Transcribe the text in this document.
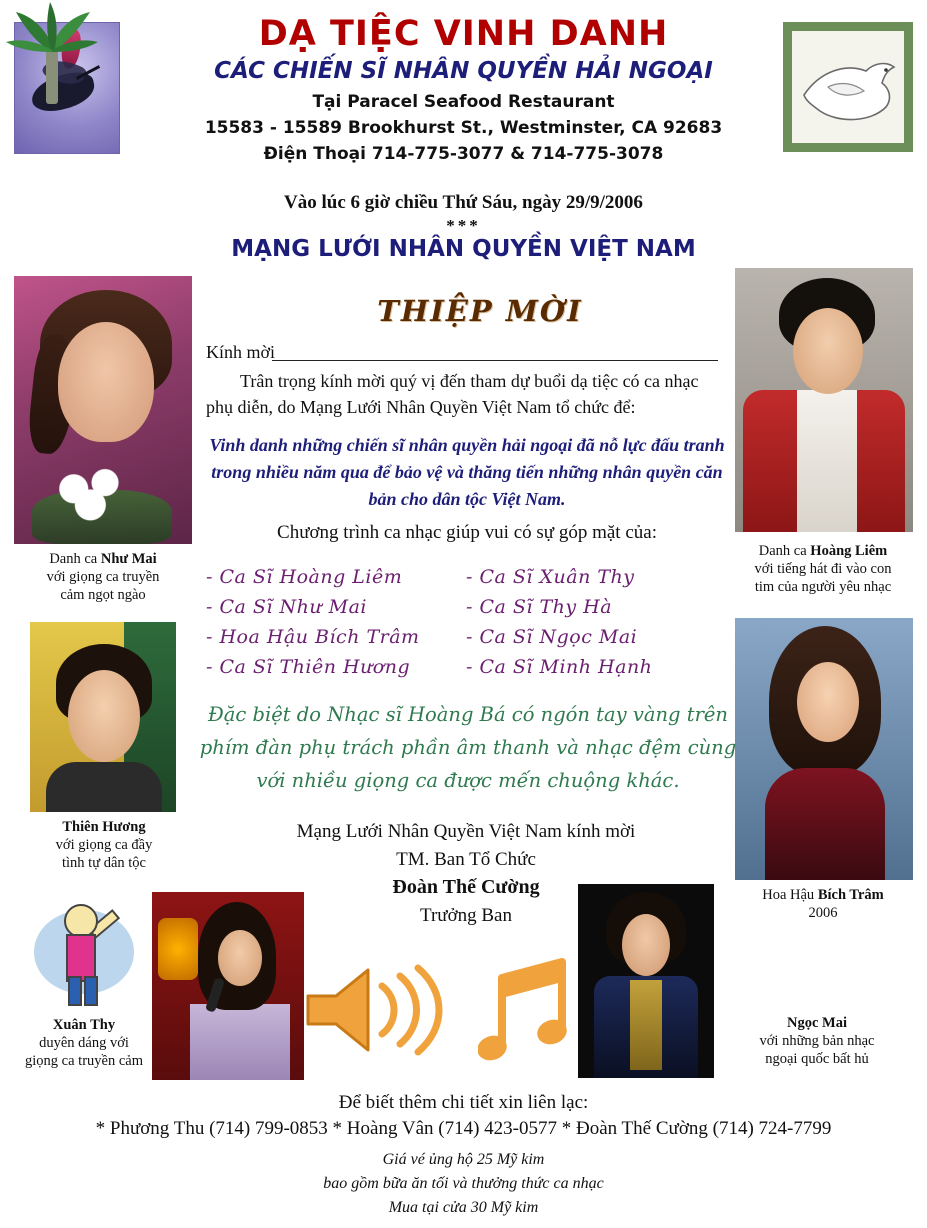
DẠ TIỆC VINH DANH
CÁC CHIẾN SĨ NHÂN QUYỀN HẢI NGOẠI
Tại Paracel Seafood Restaurant
15583 - 15589 Brookhurst St., Westminster, CA 92683
Điện Thoại 714-775-3077 & 714-775-3078
Vào lúc 6 giờ chiều Thứ Sáu, ngày 29/9/2006
***
MẠNG LƯỚI NHÂN QUYỀN VIỆT NAM
THIỆP MỜI
Danh ca Như Mai
với giọng ca truyền
cảm ngọt ngào
Danh ca Hoàng Liêm
với tiếng hát đi vào con
tim của người yêu nhạc
Thiên Hương
với giọng ca đầy
tình tự dân tộc
Hoa Hậu Bích Trâm
2006
Xuân Thy
duyên dáng với
giọng ca truyền cảm
Ngọc Mai
với những bản nhạc
ngoại quốc bất hủ
Kính mời
Trân trọng kính mời quý vị đến tham dự buổi dạ tiệc có ca nhạc phụ diễn, do Mạng Lưới Nhân Quyền Việt Nam tổ chức để:
Vinh danh những chiến sĩ nhân quyền hải ngoại đã nỗ lực đấu tranh trong nhiều năm qua để bảo vệ và thăng tiến những nhân quyền căn bản cho dân tộc Việt Nam.
Chương trình ca nhạc giúp vui có sự góp mặt của:
- Ca Sĩ Hoàng Liêm	- Ca Sĩ Xuân Thy
- Ca Sĩ Như Mai	- Ca Sĩ Thy Hà
- Hoa Hậu Bích Trâm	- Ca Sĩ Ngọc Mai
- Ca Sĩ Thiên Hương	- Ca Sĩ Minh Hạnh
Đặc biệt do Nhạc sĩ Hoàng Bá có ngón tay vàng trên phím đàn phụ trách phần âm thanh và nhạc đệm cùng với nhiều giọng ca được mến chuộng khác.
Mạng Lưới Nhân Quyền Việt Nam kính mời
TM. Ban Tổ Chức
Đoàn Thế Cường
Trưởng Ban
Để biết thêm chi tiết xin liên lạc:
* Phương Thu (714) 799-0853 * Hoàng Vân (714) 423-0577 * Đoàn Thế Cường (714) 724-7799
Giá vé ủng hộ 25 Mỹ kim
bao gồm bữa ăn tối và thưởng thức ca nhạc
Mua tại cửa 30 Mỹ kim
